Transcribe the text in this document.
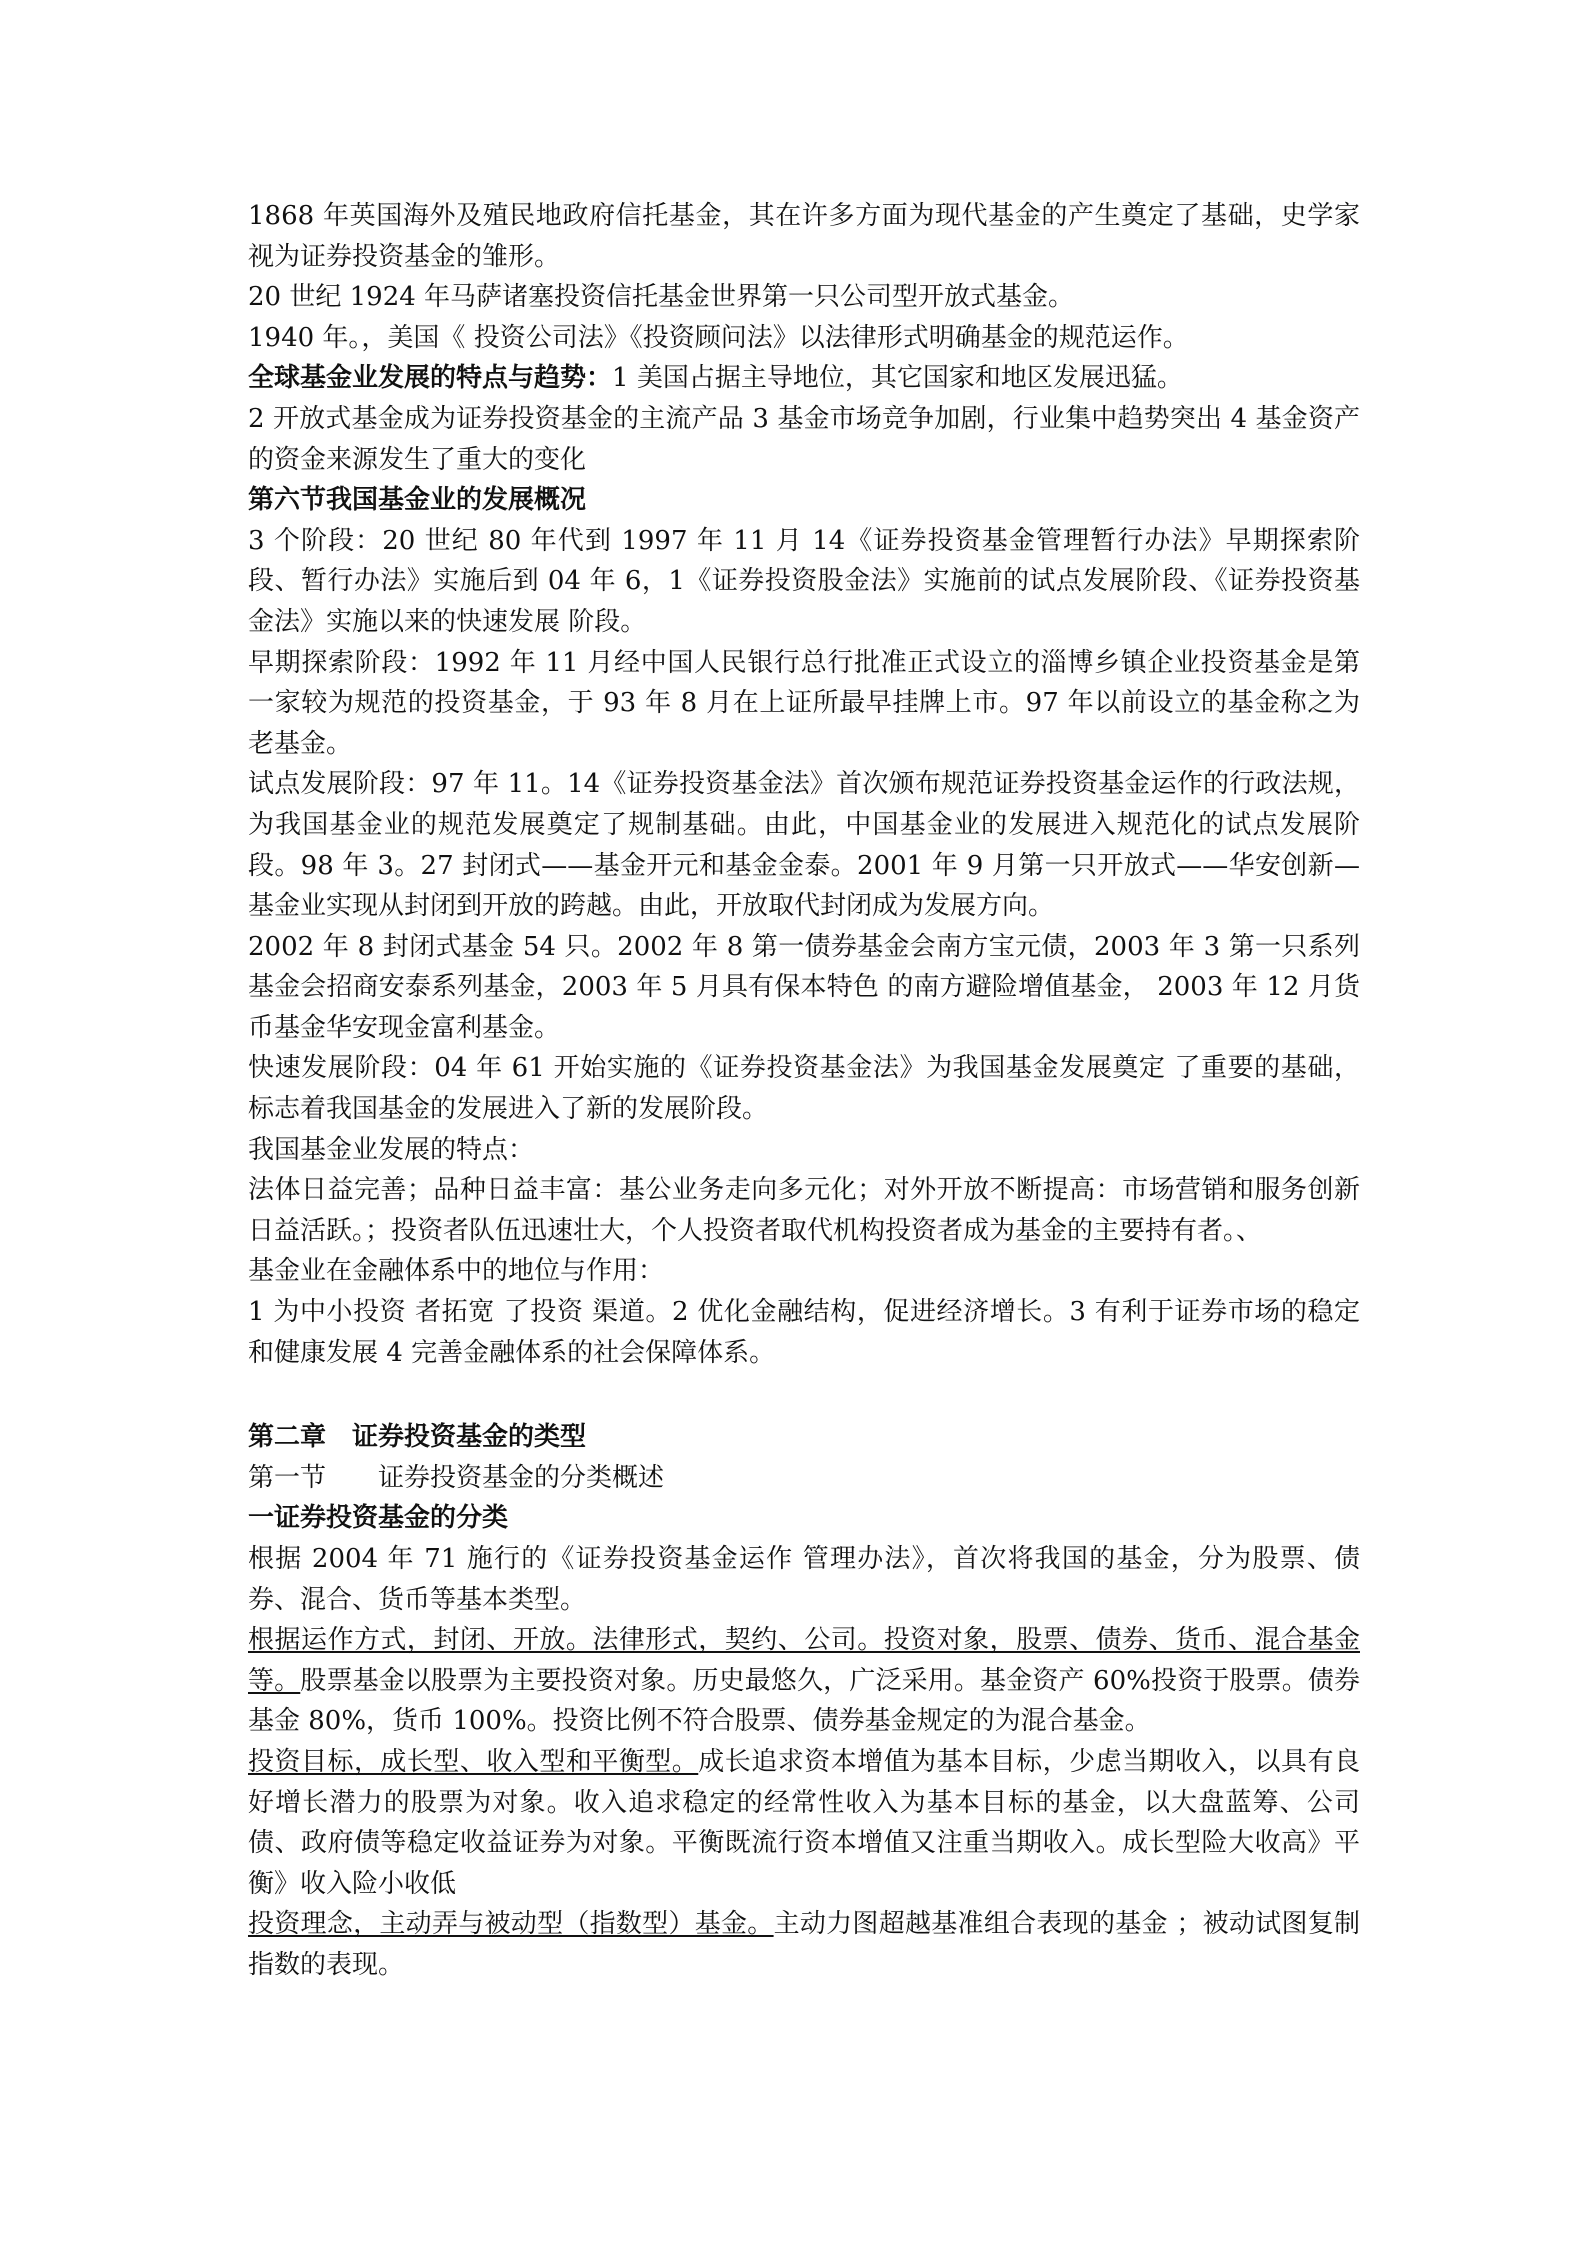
1868 年英国海外及殖民地政府信托基金，其在许多方面为现代基金的产生奠定了基础，史学家视为证券投资基金的雏形。

20 世纪 1924 年马萨诸塞投资信托基金世界第一只公司型开放式基金。

1940 年。，美国《 投资公司法》《投资顾问法》以法律形式明确基金的规范运作。

全球基金业发展的特点与趋势：1 美国占据主导地位，其它国家和地区发展迅猛。

2 开放式基金成为证券投资基金的主流产品 3 基金市场竞争加剧，行业集中趋势突出 4 基金资产的资金来源发生了重大的变化

第六节我国基金业的发展概况

3 个阶段：20 世纪 80 年代到 1997 年 11 月 14《证券投资基金管理暂行办法》早期探索阶段、暂行办法》实施后到 04 年 6，1《证券投资股金法》实施前的试点发展阶段、《证券投资基金法》实施以来的快速发展 阶段。

早期探索阶段：1992 年 11 月经中国人民银行总行批准正式设立的淄博乡镇企业投资基金是第一家较为规范的投资基金，于 93 年 8 月在上证所最早挂牌上市。97 年以前设立的基金称之为老基金。

试点发展阶段：97 年 11。14《证券投资基金法》首次颁布规范证券投资基金运作的行政法规，为我国基金业的规范发展奠定了规制基础。由此，中国基金业的发展进入规范化的试点发展阶段。98 年 3。27 封闭式——基金开元和基金金泰。2001 年 9 月第一只开放式——华安创新—基金业实现从封闭到开放的跨越。由此，开放取代封闭成为发展方向。

2002 年 8 封闭式基金 54 只。2002 年 8 第一债券基金会南方宝元债，2003 年 3 第一只系列基金会招商安泰系列基金，2003 年 5 月具有保本特色 的南方避险增值基金， 2003 年 12 月货币基金华安现金富利基金。

快速发展阶段：04 年 61 开始实施的《证券投资基金法》为我国基金发展奠定 了重要的基础，标志着我国基金的发展进入了新的发展阶段。

我国基金业发展的特点：

法体日益完善；品种日益丰富：基公业务走向多元化；对外开放不断提高：市场营销和服务创新日益活跃。；投资者队伍迅速壮大，个人投资者取代机构投资者成为基金的主要持有者。、

基金业在金融体系中的地位与作用：

1 为中小投资 者拓宽 了投资 渠道。2 优化金融结构，促进经济增长。3 有利于证券市场的稳定和健康发展 4 完善金融体系的社会保障体系。

第二章　证券投资基金的类型

第一节　　证券投资基金的分类概述

一证券投资基金的分类

根据 2004 年 71 施行的《证券投资基金运作 管理办法》，首次将我国的基金，分为股票、债券、混合、货币等基本类型。

根据运作方式，封闭、开放。法律形式，契约、公司。投资对象，股票、债券、货币、混合基金等。股票基金以股票为主要投资对象。历史最悠久，广泛采用。基金资产 60%投资于股票。债券基金 80%，货币 100%。投资比例不符合股票、债券基金规定的为混合基金。

投资目标，成长型、收入型和平衡型。成长追求资本增值为基本目标，少虑当期收入，以具有良好增长潜力的股票为对象。收入追求稳定的经常性收入为基本目标的基金，以大盘蓝筹、公司债、政府债等稳定收益证券为对象。平衡既流行资本增值又注重当期收入。成长型险大收高》平衡》收入险小收低

投资理念，主动弄与被动型（指数型）基金。主动力图超越基准组合表现的基金 ；被动试图复制指数的表现。
